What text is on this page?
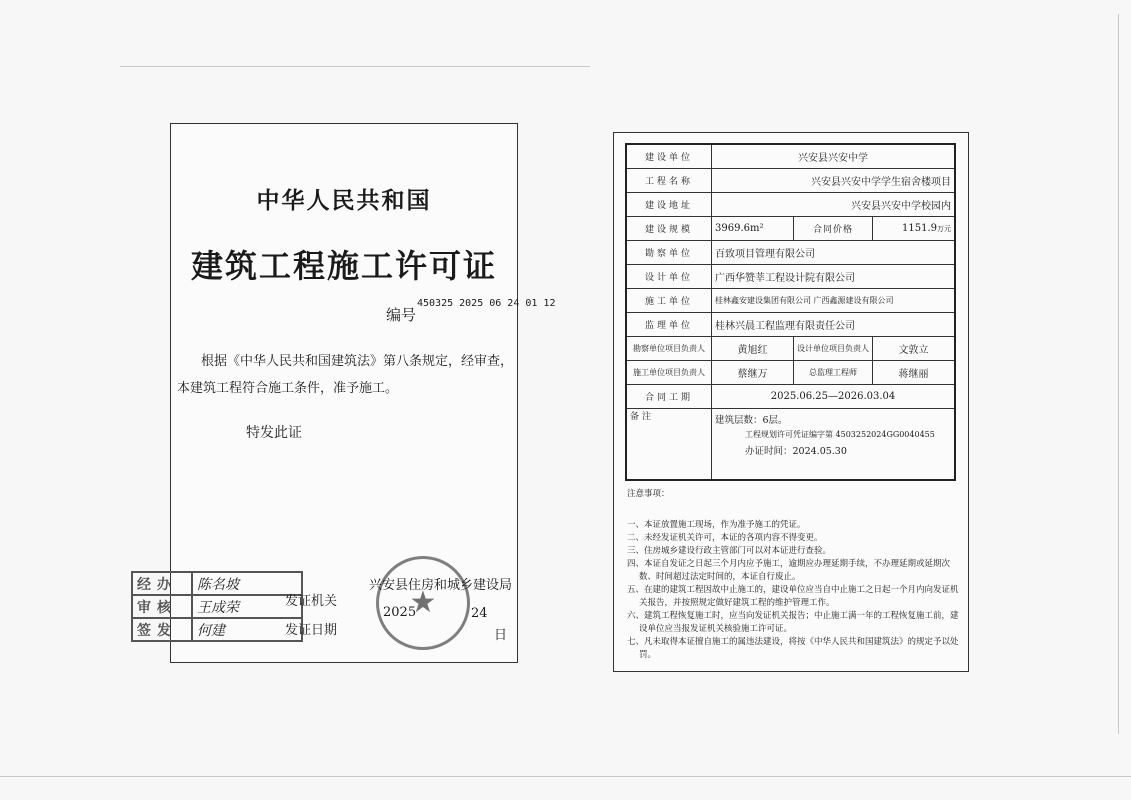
中华人民共和国
建筑工程施工许可证
450325 2025 06 24 01 12
编号
根据《中华人民共和国建筑法》第八条规定，经审查，
本建筑工程符合施工条件，准予施工。
特发此证
经办	陈名坡
审核	王成荣
签发	何建
★
兴安县住房和城乡建设局
发证机关
2025	24
发证日期	日
建设单位	兴安县兴安中学		
工程名称	兴安县兴安中学学生宿舍楼项目		
建设地址	兴安县兴安中学校园内		
建设规模	3969.6m²	合同价格	1151.9万元
勘察单位	百致项目管理有限公司		
设计单位	广西华赞莘工程设计院有限公司		
施工单位	桂林鑫安建设集团有限公司 广西鑫源建设有限公司		
监理单位	桂林兴晨工程监理有限责任公司		
勘察单位项目负责人	黄旭红	设计单位项目负责人	文敦立
施工单位项目负责人	蔡继万	总监理工程师	蒋继丽
合同工期	2025.06.25—2026.03.04		
备注	建筑层数：6层。
工程规划许可凭证编字第 4503252024GG0040455
办证时间：2024.05.30		
注意事项：
一、本证放置施工现场，作为准予施工的凭证。
二、未经发证机关许可，本证的各项内容不得变更。
三、住房城乡建设行政主管部门可以对本证进行查验。
四、本证自发证之日起三个月内应予施工，逾期应办理延期手续，不办理延期或延期次数、时间超过法定时间的，本证自行废止。
五、在建的建筑工程因故中止施工的，建设单位应当自中止施工之日起一个月内向发证机关报告，并按照规定做好建筑工程的维护管理工作。
六、建筑工程恢复施工时，应当向发证机关报告；中止施工满一年的工程恢复施工前，建设单位应当报发证机关核验施工许可证。
七、凡未取得本证擅自施工的属违法建设，将按《中华人民共和国建筑法》的规定予以处罚。
